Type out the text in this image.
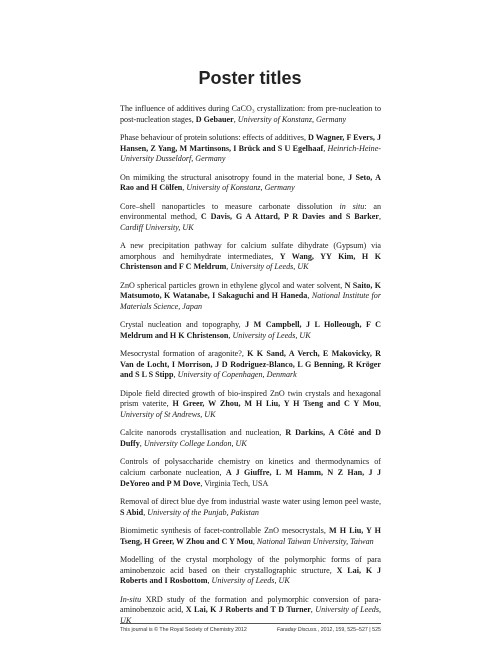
Poster titles

The influence of additives during CaCO₃ crystallization: from pre-nucleation to post-nucleation stages, D Gebauer, University of Konstanz, Germany

Phase behaviour of protein solutions: effects of additives, D Wagner, F Evers, J Hansen, Z Yang, M Martinsons, I Brück and S U Egelhaaf, Heinrich-Heine-University Dusseldorf, Germany

On mimiking the structural anisotropy found in the material bone, J Seto, A Rao and H Cölfen, University of Konstanz, Germany

Core–shell nanoparticles to measure carbonate dissolution in situ: an environmental method, C Davis, G A Attard, P R Davies and S Barker, Cardiff University, UK

A new precipitation pathway for calcium sulfate dihydrate (Gypsum) via amorphous and hemihydrate intermediates, Y Wang, YY Kim, H K Christenson and F C Meldrum, University of Leeds, UK

ZnO spherical particles grown in ethylene glycol and water solvent, N Saito, K Matsumoto, K Watanabe, I Sakaguchi and H Haneda, National Institute for Materials Science, Japan

Crystal nucleation and topography, J M Campbell, J L Holleough, F C Meldrum and H K Christenson, University of Leeds, UK

Mesocrystal formation of aragonite?, K K Sand, A Verch, E Makovicky, R Van de Locht, I Morrison, J D Rodriguez-Blanco, L G Benning, R Kröger and S L S Stipp, University of Copenhagen, Denmark

Dipole field directed growth of bio-inspired ZnO twin crystals and hexagonal prism vaterite, H Greer, W Zhou, M H Liu, Y H Tseng and C Y Mou, University of St Andrews, UK

Calcite nanorods crystallisation and nucleation, R Darkins, A Côté and D Duffy, University College London, UK

Controls of polysaccharide chemistry on kinetics and thermodynamics of calcium carbonate nucleation, A J Giuffre, L M Hamm, N Z Han, J J DeYoreo and P M Dove, Virginia Tech, USA

Removal of direct blue dye from industrial waste water using lemon peel waste, S Abid, University of the Punjab, Pakistan

Biomimetic synthesis of facet-controllable ZnO mesocrystals, M H Liu, Y H Tseng, H Greer, W Zhou and C Y Mou, National Taiwan University, Taiwan

Modelling of the crystal morphology of the polymorphic forms of para aminobenzoic acid based on their crystallographic structure, X Lai, K J Roberts and I Rosbottom, University of Leeds, UK

In-situ XRD study of the formation and polymorphic conversion of para-aminobenzoic acid, X Lai, K J Roberts and T D Turner, University of Leeds, UK

This journal is © The Royal Society of Chemistry 2012	Faraday Discuss., 2012, 159, 525–527 | 525
